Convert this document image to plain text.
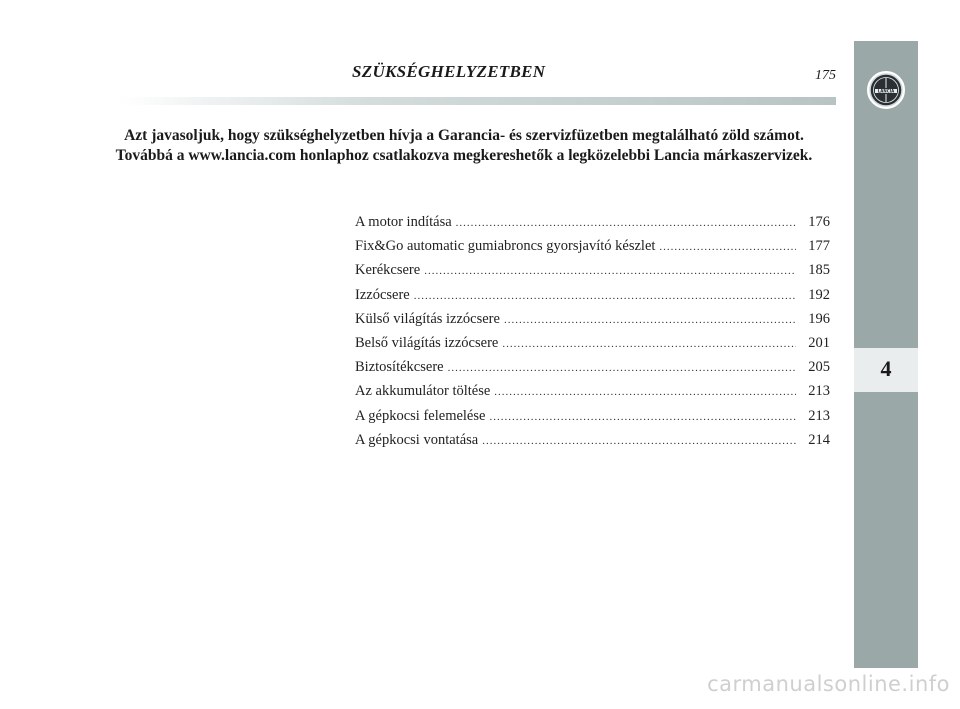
SZÜKSÉGHELYZETBEN	175
Azt javasoljuk, hogy szükséghelyzetben hívja a Garancia- és szervizfüzetben megtalálható zöld számot.
Továbbá a www.lancia.com honlaphoz csatlakozva megkereshetők a legközelebbi Lancia márkaszervizek.
A motor indítása .....	176
Fix&Go automatic gumiabroncs gyorsjavító készlet .....	177
Kerékcsere .....	185
Izzócsere .....	192
Külső világítás izzócsere .....	196
Belső világítás izzócsere .....	201
Biztosítékcsere .....	205
Az akkumulátor töltése .....	213
A gépkocsi felemelése .....	213
A gépkocsi vontatása .....	214
LANCIA
4
carmanualsonline.info
